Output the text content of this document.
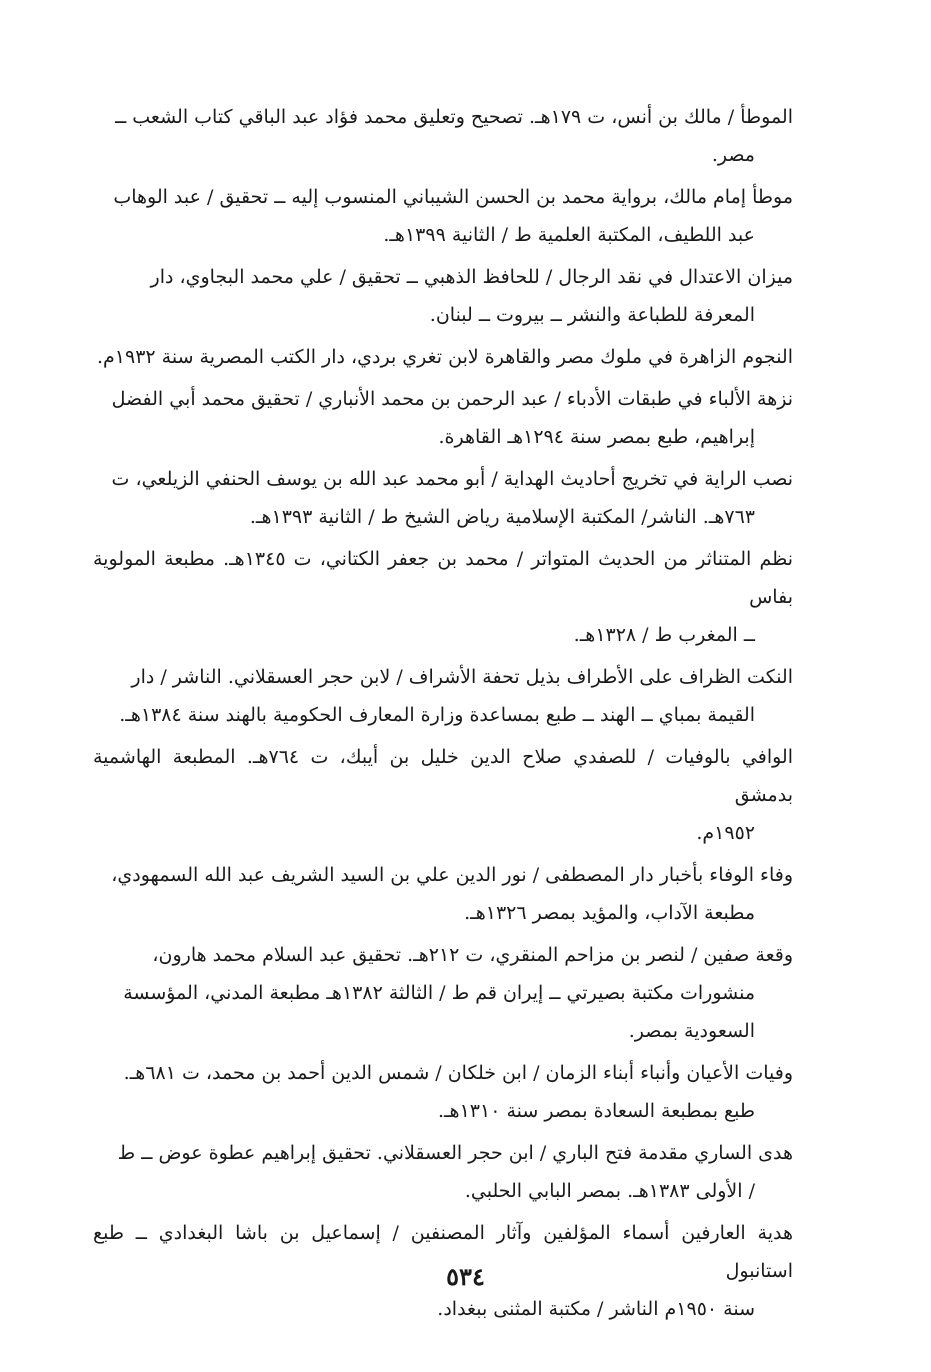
الموطأ / مالك بن أنس، ت ١٧٩هـ. تصحيح وتعليق محمد فؤاد عبد الباقي كتاب الشعب ــ
مصر.
موطأ إمام مالك، برواية محمد بن الحسن الشيباني المنسوب إليه ــ تحقيق / عبد الوهاب
عبد اللطيف، المكتبة العلمية ط / الثانية ١٣٩٩هـ.
ميزان الاعتدال في نقد الرجال / للحافظ الذهبي ــ تحقيق / علي محمد البجاوي، دار
المعرفة للطباعة والنشر ــ بيروت ــ لبنان.
النجوم الزاهرة في ملوك مصر والقاهرة لابن تغري بردي، دار الكتب المصرية سنة ١٩٣٢م.
نزهة الألباء في طبقات الأدباء / عبد الرحمن بن محمد الأنباري / تحقيق محمد أبي الفضل
إبراهيم، طبع بمصر سنة ١٢٩٤هـ القاهرة.
نصب الراية في تخريج أحاديث الهداية / أبو محمد عبد الله بن يوسف الحنفي الزيلعي، ت
٧٦٣هـ. الناشر/ المكتبة الإسلامية رياض الشيخ ط / الثانية ١٣٩٣هـ.
نظم المتناثر من الحديث المتواتر / محمد بن جعفر الكتاني، ت ١٣٤٥هـ. مطبعة المولوية بفاس
ــ المغرب ط / ١٣٢٨هـ.
النكت الظراف على الأطراف بذيل تحفة الأشراف / لابن حجر العسقلاني. الناشر / دار
القيمة بمباي ــ الهند ــ طبع بمساعدة وزارة المعارف الحكومية بالهند سنة ١٣٨٤هـ.
الوافي بالوفيات / للصفدي صلاح الدين خليل بن أيبك، ت ٧٦٤هـ. المطبعة الهاشمية بدمشق
١٩٥٢م.
وفاء الوفاء بأخبار دار المصطفى / نور الدين علي بن السيد الشريف عبد الله السمهودي،
مطبعة الآداب، والمؤيد بمصر ١٣٢٦هـ.
وقعة صفين / لنصر بن مزاحم المنقري، ت ٢١٢هـ. تحقيق عبد السلام محمد هارون،
منشورات مكتبة بصيرتي ــ إيران قم ط / الثالثة ١٣٨٢هـ مطبعة المدني، المؤسسة
السعودية بمصر.
وفيات الأعيان وأنباء أبناء الزمان / ابن خلكان / شمس الدين أحمد بن محمد، ت ٦٨١هـ.
طبع بمطبعة السعادة بمصر سنة ١٣١٠هـ.
هدى الساري مقدمة فتح الباري / ابن حجر العسقلاني. تحقيق إبراهيم عطوة عوض ــ ط
/ الأولى ١٣٨٣هـ. بمصر البابي الحلبي.
هدية العارفين أسماء المؤلفين وآثار المصنفين / إسماعيل بن باشا البغدادي ــ طبع استانبول
سنة ١٩٥٠م الناشر / مكتبة المثنى ببغداد.
٥٣٤
